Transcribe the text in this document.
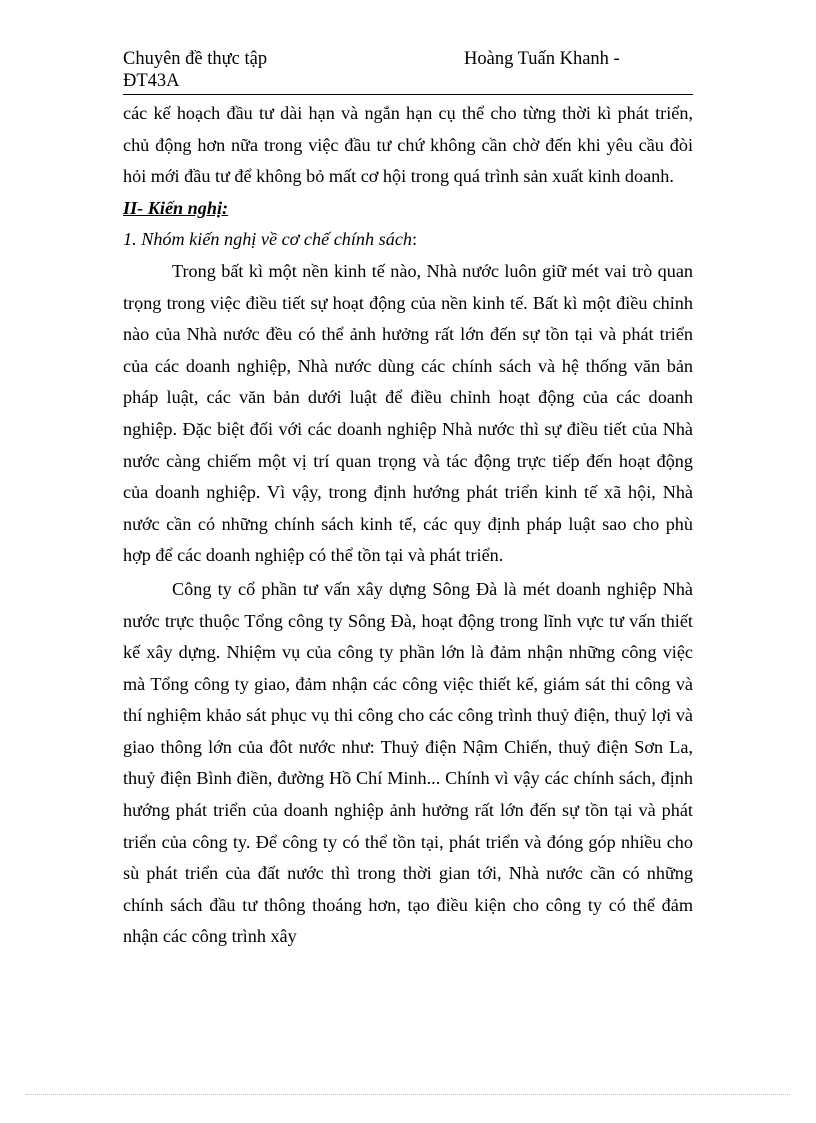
Chuyên đề thực tập	Hoàng Tuấn Khanh -
ĐT43A

các kế hoạch đầu tư dài hạn và ngắn hạn cụ thể cho từng thời kì phát triển, chủ động hơn nữa trong việc đầu tư chứ không cần chờ đến khi yêu cầu đòi hỏi mới đầu tư để không bỏ mất cơ hội trong quá trình sản xuất kinh doanh.

II- Kiến nghị:

1. Nhóm kiến nghị về cơ chế chính sách:

Trong bất kì một nền kinh tế nào, Nhà nước luôn giữ mét vai trò quan trọng trong việc điều tiết sự hoạt động của nền kinh tế. Bất kì một điều chỉnh nào của Nhà nước đều có thể ảnh hưởng rất lớn đến sự tồn tại và phát triển của các doanh nghiệp, Nhà nước dùng các chính sách và hệ thống văn bản pháp luật, các văn bản dưới luật để điều chỉnh hoạt động của các doanh nghiệp. Đặc biệt đối với các doanh nghiệp Nhà nước thì sự điều tiết của Nhà nước càng chiếm một vị trí quan trọng và tác động trực tiếp đến hoạt động của doanh nghiệp. Vì vậy, trong định hướng phát triển kinh tế xã hội, Nhà nước cần có những chính sách kinh tế, các quy định pháp luật sao cho phù hợp để các doanh nghiệp có thể tồn tại và phát triển.

Công ty cổ phần tư vấn xây dựng Sông Đà là mét doanh nghiệp Nhà nước trực thuộc Tổng công ty Sông Đà, hoạt động trong lĩnh vực tư vấn thiết kế xây dựng. Nhiệm vụ của công ty phần lớn là đảm nhận những công việc mà Tổng công ty giao, đảm nhận các công việc thiết kế, giám sát thi công và thí nghiệm khảo sát phục vụ thi công cho các công trình thuỷ điện, thuỷ lợi và giao thông lớn của đôt nước như: Thuỷ điện Nậm Chiến, thuỷ điện Sơn La, thuỷ điện Bình điền, đường Hồ Chí Minh... Chính vì vậy các chính sách, định hướng phát triển của doanh nghiệp ảnh hưởng rất lớn đến sự tồn tại và phát triển của công ty. Để công ty có thể tồn tại, phát triển và đóng góp nhiều cho sù phát triển của đất nước thì trong thời gian tới, Nhà nước cần có những chính sách đầu tư thông thoáng hơn, tạo điều kiện cho công ty có thể đảm nhận các công trình xây
